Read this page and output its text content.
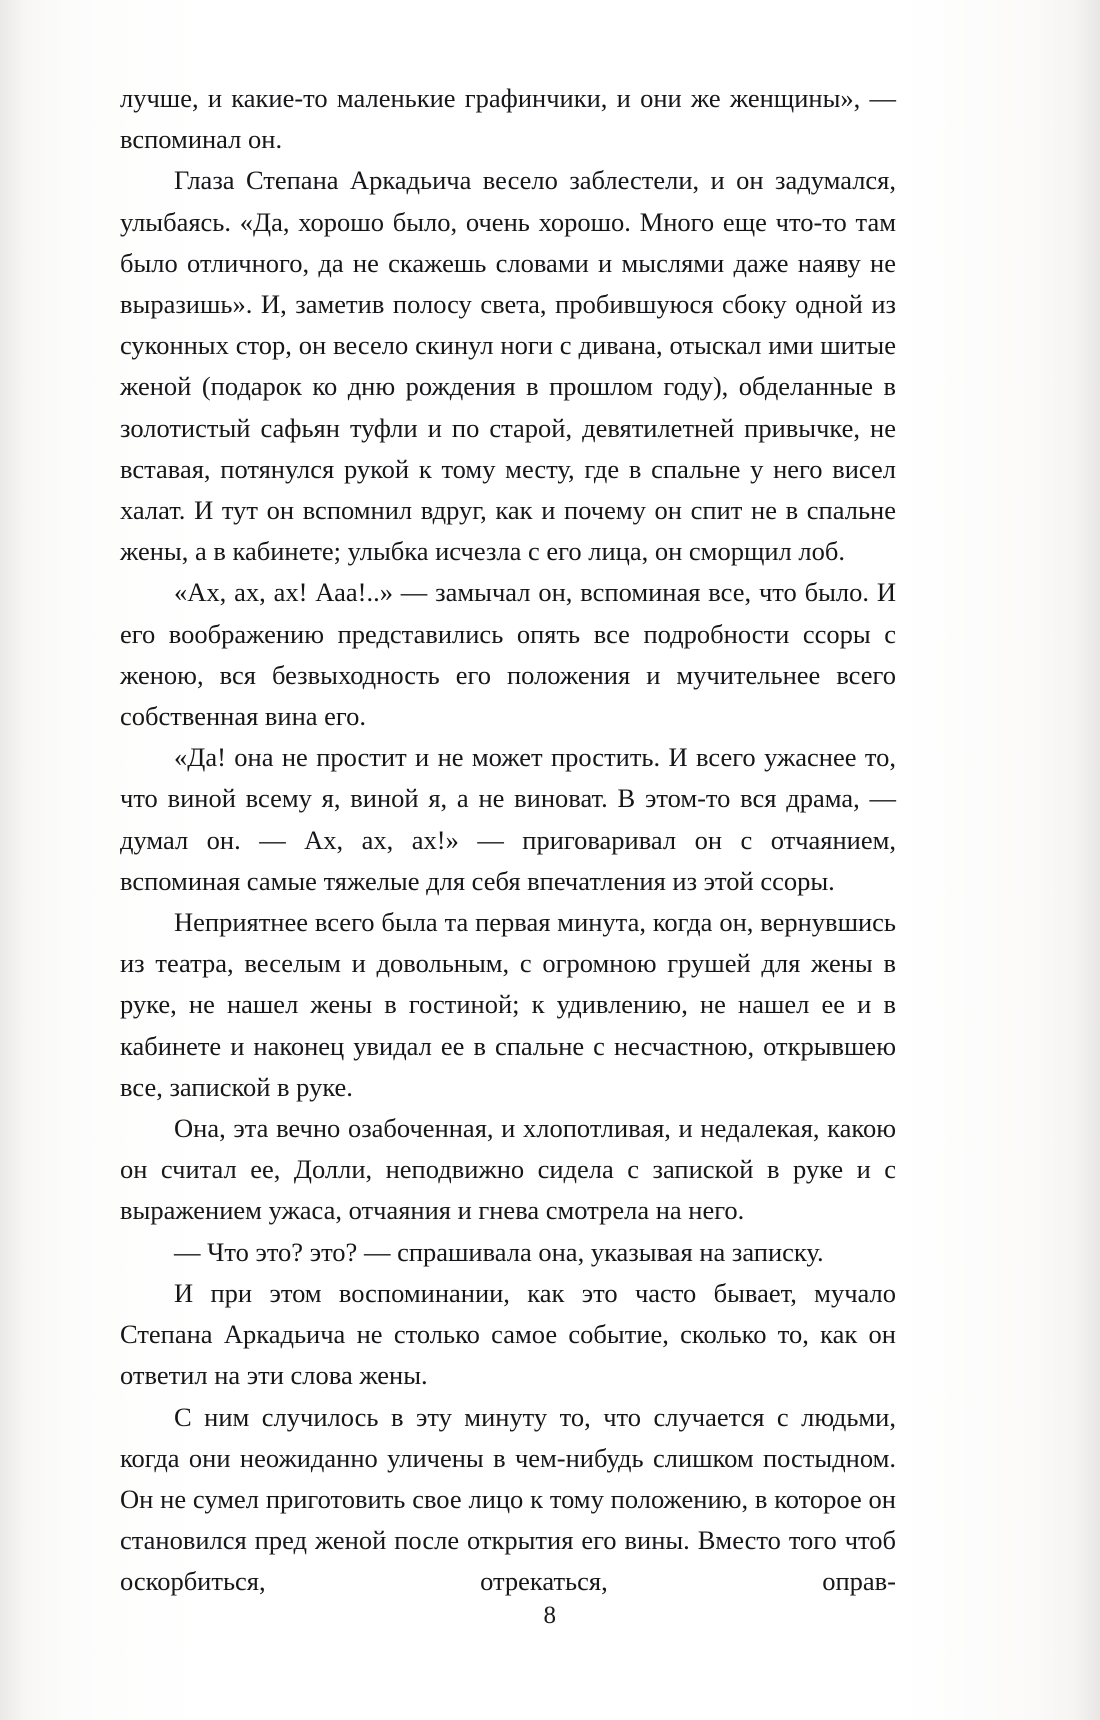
лучше, и какие-то маленькие графинчики, и они же женщины», — вспоминал он.

Глаза Степана Аркадьича весело заблестели, и он задумался, улыбаясь. «Да, хорошо было, очень хорошо. Много еще что-то там было отличного, да не скажешь словами и мыслями даже наяву не выразишь». И, заметив полосу света, пробившуюся сбоку одной из суконных стор, он весело скинул ноги с дивана, отыскал ими шитые женой (подарок ко дню рождения в прошлом году), обделанные в золотистый сафьян туфли и по старой, девятилетней привычке, не вставая, потянулся рукой к тому месту, где в спальне у него висел халат. И тут он вспомнил вдруг, как и почему он спит не в спальне жены, а в кабинете; улыбка исчезла с его лица, он сморщил лоб.

«Ах, ах, ах! Ааа!..» — замычал он, вспоминая все, что было. И его воображению представились опять все подробности ссоры с женою, вся безвыходность его положения и мучительнее всего собственная вина его.

«Да! она не простит и не может простить. И всего ужаснее то, что виной всему я, виной я, а не виноват. В этом-то вся драма, — думал он. — Ах, ах, ах!» — приговаривал он с отчаянием, вспоминая самые тяжелые для себя впечатления из этой ссоры.

Неприятнее всего была та первая минута, когда он, вернувшись из театра, веселым и довольным, с огромною грушей для жены в руке, не нашел жены в гостиной; к удивлению, не нашел ее и в кабинете и наконец увидал ее в спальне с несчастною, открывшею все, запиской в руке.

Она, эта вечно озабоченная, и хлопотливая, и недалекая, какою он считал ее, Долли, неподвижно сидела с запиской в руке и с выражением ужаса, отчаяния и гнева смотрела на него.

— Что это? это? — спрашивала она, указывая на записку.

И при этом воспоминании, как это часто бывает, мучало Степана Аркадьича не столько самое событие, сколько то, как он ответил на эти слова жены.

С ним случилось в эту минуту то, что случается с людьми, когда они неожиданно уличены в чем-нибудь слишком постыдном. Он не сумел приготовить свое лицо к тому положению, в которое он становился пред женой после открытия его вины. Вместо того чтоб оскорбиться, отрекаться, оправ-

8
